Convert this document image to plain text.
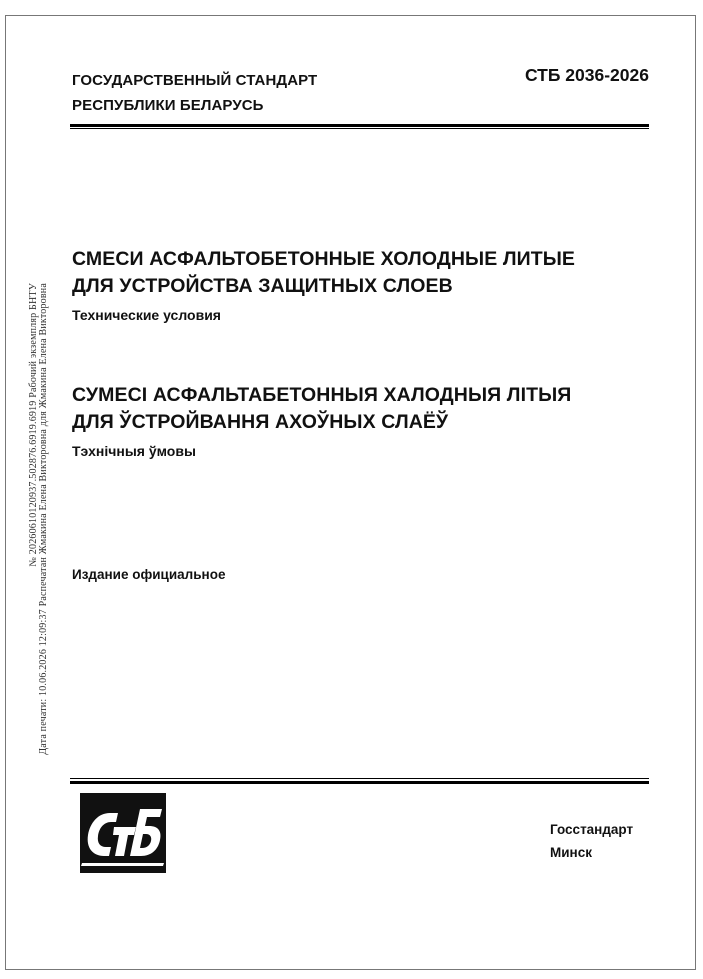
№ 20260610120937.502876.6919.6919 Рабочий экземпляр БНТУ Дата печати: 10.06.2026 12:09:37 Распечатан Жмакина Елена Викторовна для Жмакина Елена Викторовна
ГОСУДАРСТВЕННЫЙ СТАНДАРТ
РЕСПУБЛИКИ БЕЛАРУСЬ
СТБ 2036-2026
СМЕСИ АСФАЛЬТОБЕТОННЫЕ ХОЛОДНЫЕ ЛИТЫЕ
ДЛЯ УСТРОЙСТВА ЗАЩИТНЫХ СЛОЕВ
Технические условия
СУМЕСІ АСФАЛЬТАБЕТОННЫЯ ХАЛОДНЫЯ ЛІТЫЯ
ДЛЯ ЎСТРОЙВАННЯ АХОЎНЫХ СЛАЁЎ
Тэхнічныя ўмовы
Издание официальное
Госстандарт
Минск
